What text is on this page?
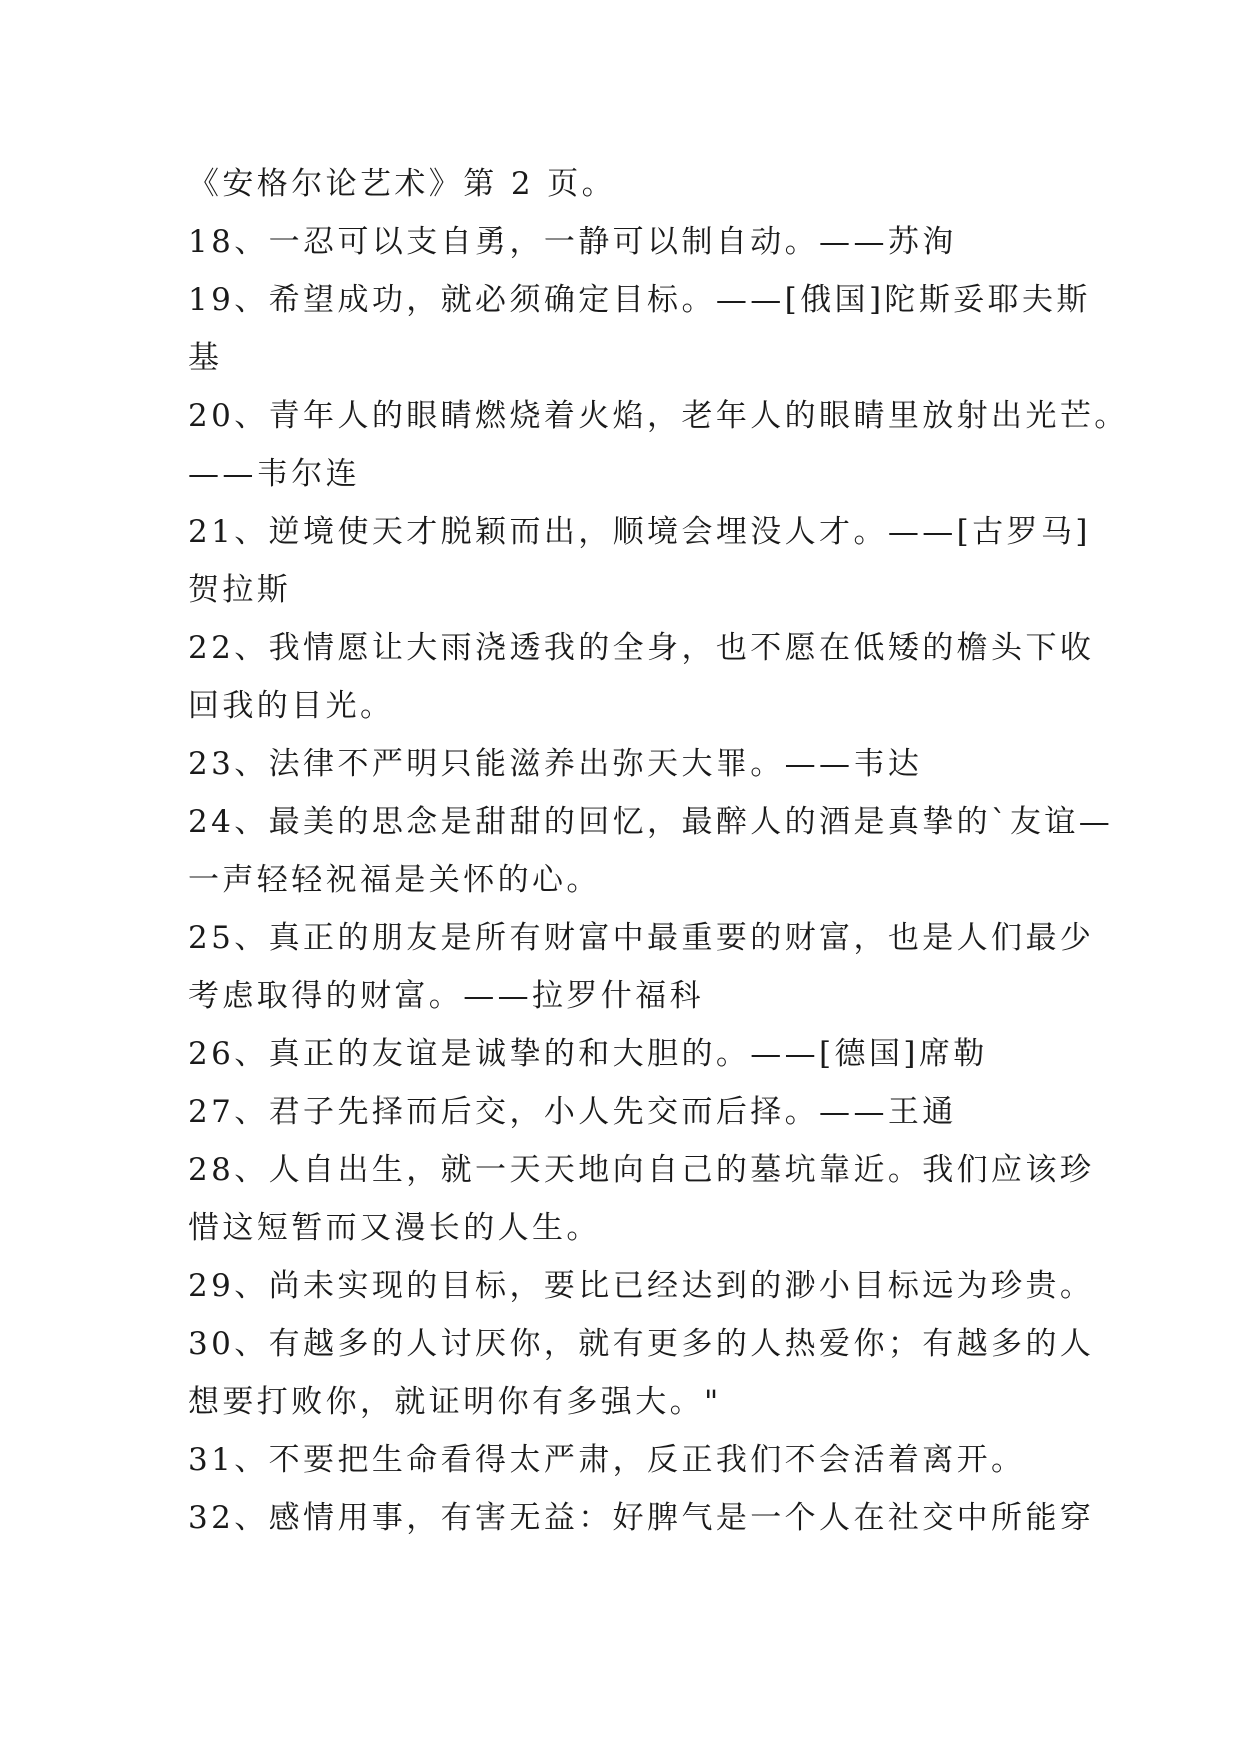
《安格尔论艺术》第 2 页。
18、一忍可以支自勇，一静可以制自动。——苏洵
19、希望成功，就必须确定目标。——[俄国]陀斯妥耶夫斯
基
20、青年人的眼睛燃烧着火焰，老年人的眼睛里放射出光芒。
——韦尔连
21、逆境使天才脱颖而出，顺境会埋没人才。——[古罗马]
贺拉斯
22、我情愿让大雨浇透我的全身，也不愿在低矮的檐头下收
回我的目光。
23、法律不严明只能滋养出弥天大罪。——韦达
24、最美的思念是甜甜的回忆，最醉人的酒是真挚的`友谊—
一声轻轻祝福是关怀的心。
25、真正的朋友是所有财富中最重要的财富，也是人们最少
考虑取得的财富。——拉罗什福科
26、真正的友谊是诚挚的和大胆的。——[德国]席勒
27、君子先择而后交，小人先交而后择。——王通
28、人自出生，就一天天地向自己的墓坑靠近。我们应该珍
惜这短暂而又漫长的人生。
29、尚未实现的目标，要比已经达到的渺小目标远为珍贵。
30、有越多的人讨厌你，就有更多的人热爱你；有越多的人
想要打败你，就证明你有多强大。"
31、不要把生命看得太严肃，反正我们不会活着离开。
32、感情用事，有害无益：好脾气是一个人在社交中所能穿
